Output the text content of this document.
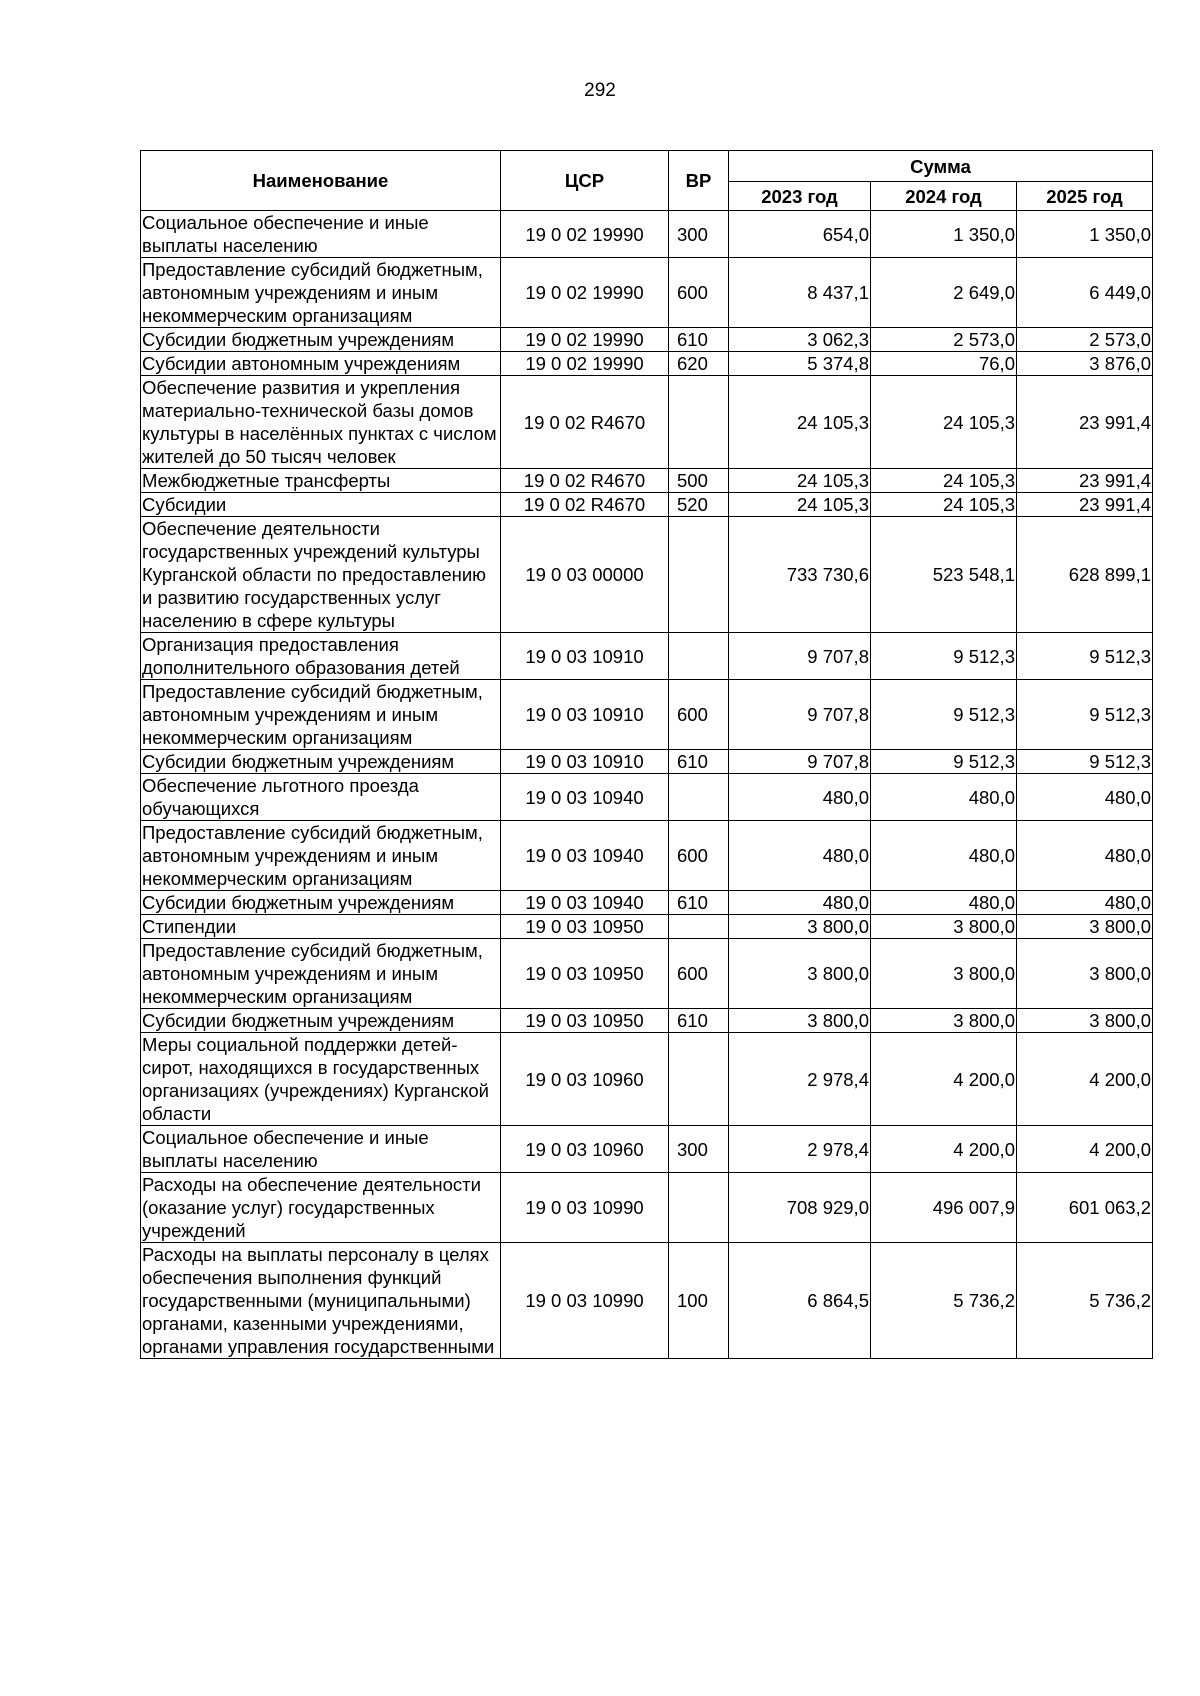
292
Наименование	ЦСР	ВР	Сумма		
			2023 год	2024 год	2025 год
Социальное обеспечение и иные выплаты населению	19 0 02 19990	300	654,0	1 350,0	1 350,0
Предоставление субсидий бюджетным, автономным учреждениям и иным некоммерческим организациям	19 0 02 19990	600	8 437,1	2 649,0	6 449,0
Субсидии бюджетным учреждениям	19 0 02 19990	610	3 062,3	2 573,0	2 573,0
Субсидии автономным учреждениям	19 0 02 19990	620	5 374,8	76,0	3 876,0
Обеспечение развития и укрепления материально-технической базы домов культуры в населённых пунктах с числом жителей до 50 тысяч человек	19 0 02 R4670		24 105,3	24 105,3	23 991,4
Межбюджетные трансферты	19 0 02 R4670	500	24 105,3	24 105,3	23 991,4
Субсидии	19 0 02 R4670	520	24 105,3	24 105,3	23 991,4
Обеспечение деятельности государственных учреждений культуры Курганской области по предоставлению и развитию государственных услуг населению в сфере культуры	19 0 03 00000		733 730,6	523 548,1	628 899,1
Организация предоставления дополнительного образования детей	19 0 03 10910		9 707,8	9 512,3	9 512,3
Предоставление субсидий бюджетным, автономным учреждениям и иным некоммерческим организациям	19 0 03 10910	600	9 707,8	9 512,3	9 512,3
Субсидии бюджетным учреждениям	19 0 03 10910	610	9 707,8	9 512,3	9 512,3
Обеспечение льготного проезда обучающихся	19 0 03 10940		480,0	480,0	480,0
Предоставление субсидий бюджетным, автономным учреждениям и иным некоммерческим организациям	19 0 03 10940	600	480,0	480,0	480,0
Субсидии бюджетным учреждениям	19 0 03 10940	610	480,0	480,0	480,0
Стипендии	19 0 03 10950		3 800,0	3 800,0	3 800,0
Предоставление субсидий бюджетным, автономным учреждениям и иным некоммерческим организациям	19 0 03 10950	600	3 800,0	3 800,0	3 800,0
Субсидии бюджетным учреждениям	19 0 03 10950	610	3 800,0	3 800,0	3 800,0
Меры социальной поддержки детей-сирот, находящихся в государственных организациях (учреждениях) Курганской области	19 0 03 10960		2 978,4	4 200,0	4 200,0
Социальное обеспечение и иные выплаты населению	19 0 03 10960	300	2 978,4	4 200,0	4 200,0
Расходы на обеспечение деятельности (оказание услуг) государственных учреждений	19 0 03 10990		708 929,0	496 007,9	601 063,2
Расходы на выплаты персоналу в целях обеспечения выполнения функций государственными (муниципальными) органами, казенными учреждениями, органами управления государственными	19 0 03 10990	100	6 864,5	5 736,2	5 736,2
